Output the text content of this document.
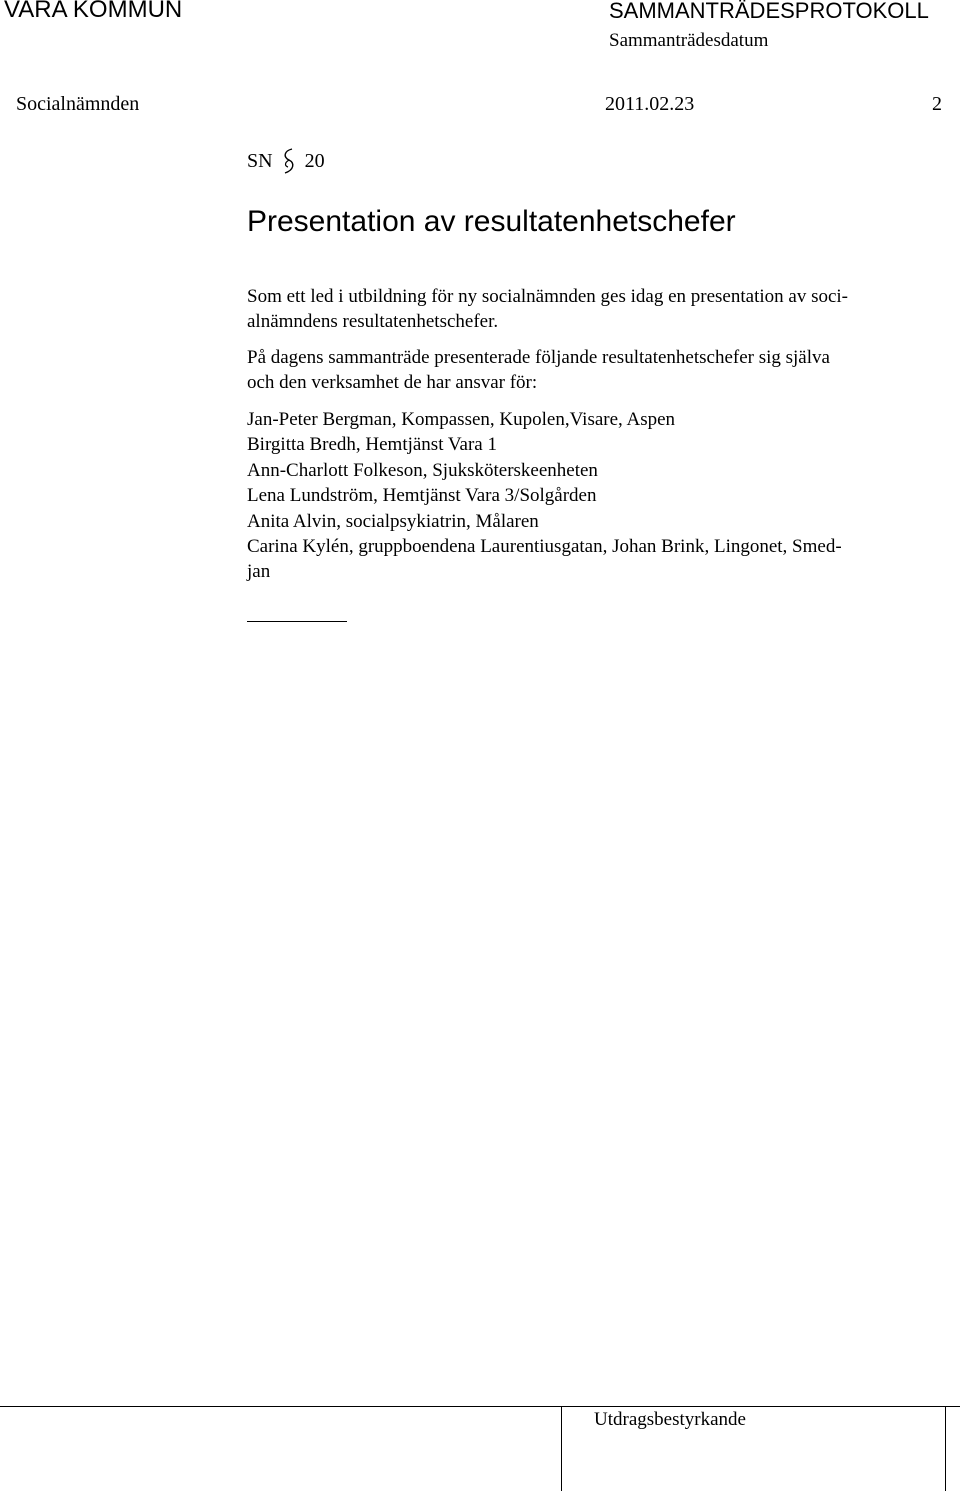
VARA KOMMUN	SAMMANTRÄDESPROTOKOLL
Sammanträdesdatum
Socialnämnden	2011.02.23	2
SN 20
Presentation av resultatenhetschefer
Som ett led i utbildning för ny socialnämnden ges idag en presentation av soci-
alnämndens resultatenhetschefer.
På dagens sammanträde presenterade följande resultatenhetschefer sig själva
och den verksamhet de har ansvar för:
Jan-Peter Bergman, Kompassen, Kupolen,Visare, Aspen
Birgitta Bredh, Hemtjänst Vara 1
Ann-Charlott Folkeson, Sjuksköterskeenheten
Lena Lundström, Hemtjänst Vara 3/Solgården
Anita Alvin, socialpsykiatrin, Målaren
Carina Kylén, gruppboendena Laurentiusgatan, Johan Brink, Lingonet, Smed-
jan
Utdragsbestyrkande
